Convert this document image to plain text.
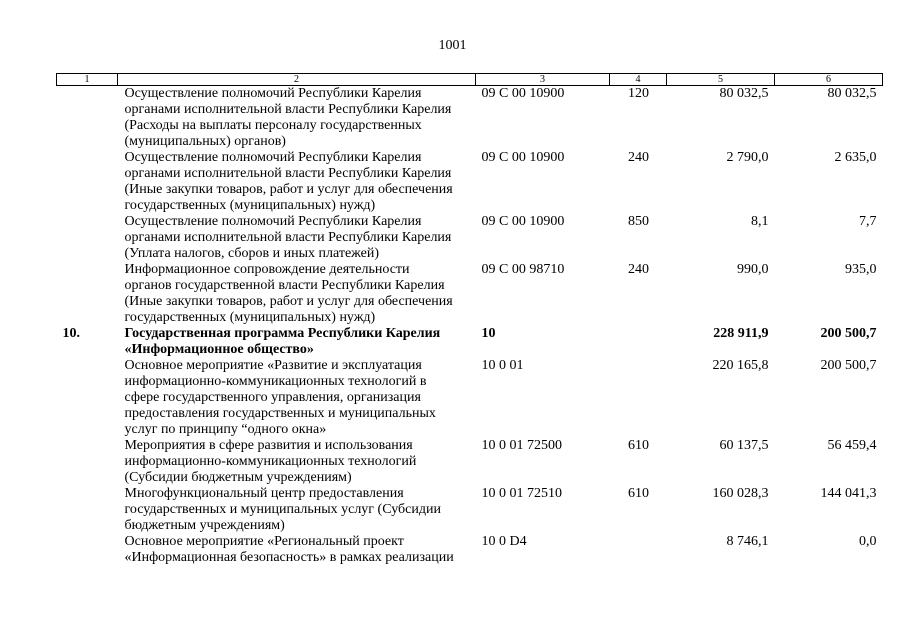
1001
1	2	3	4	5	6
	Осуществление полномочий Республики Карелия органами исполнительной власти Республики Карелия (Расходы на выплаты персоналу государственных (муниципальных) органов)	09 С 00 10900	120	80 032,5	80 032,5
	Осуществление полномочий Республики Карелия органами исполнительной власти Республики Карелия (Иные закупки товаров, работ и услуг для обеспечения государственных (муниципальных) нужд)	09 С 00 10900	240	2 790,0	2 635,0
	Осуществление полномочий Республики Карелия органами исполнительной власти Республики Карелия (Уплата налогов, сборов и иных платежей)	09 С 00 10900	850	8,1	7,7
	Информационное сопровождение деятельности органов государственной власти Республики Карелия (Иные закупки товаров, работ и услуг для обеспечения государственных (муниципальных) нужд)	09 С 00 98710	240	990,0	935,0
10.	Государственная программа Республики Карелия «Информационное общество»	10		228 911,9	200 500,7
	Основное мероприятие «Развитие и эксплуатация информационно-коммуникационных технологий в сфере государственного управления, организация предоставления государственных и муниципальных услуг по принципу “одного окна»	10 0 01		220 165,8	200 500,7
	Мероприятия в сфере развития и использования информационно-коммуникационных технологий (Субсидии бюджетным учреждениям)	10 0 01 72500	610	60 137,5	56 459,4
	Многофункциональный центр предоставления государственных и муниципальных услуг (Субсидии бюджетным учреждениям)	10 0 01 72510	610	160 028,3	144 041,3
	Основное мероприятие «Региональный проект «Информационная безопасность» в рамках реализации	10 0 D4		8 746,1	0,0
